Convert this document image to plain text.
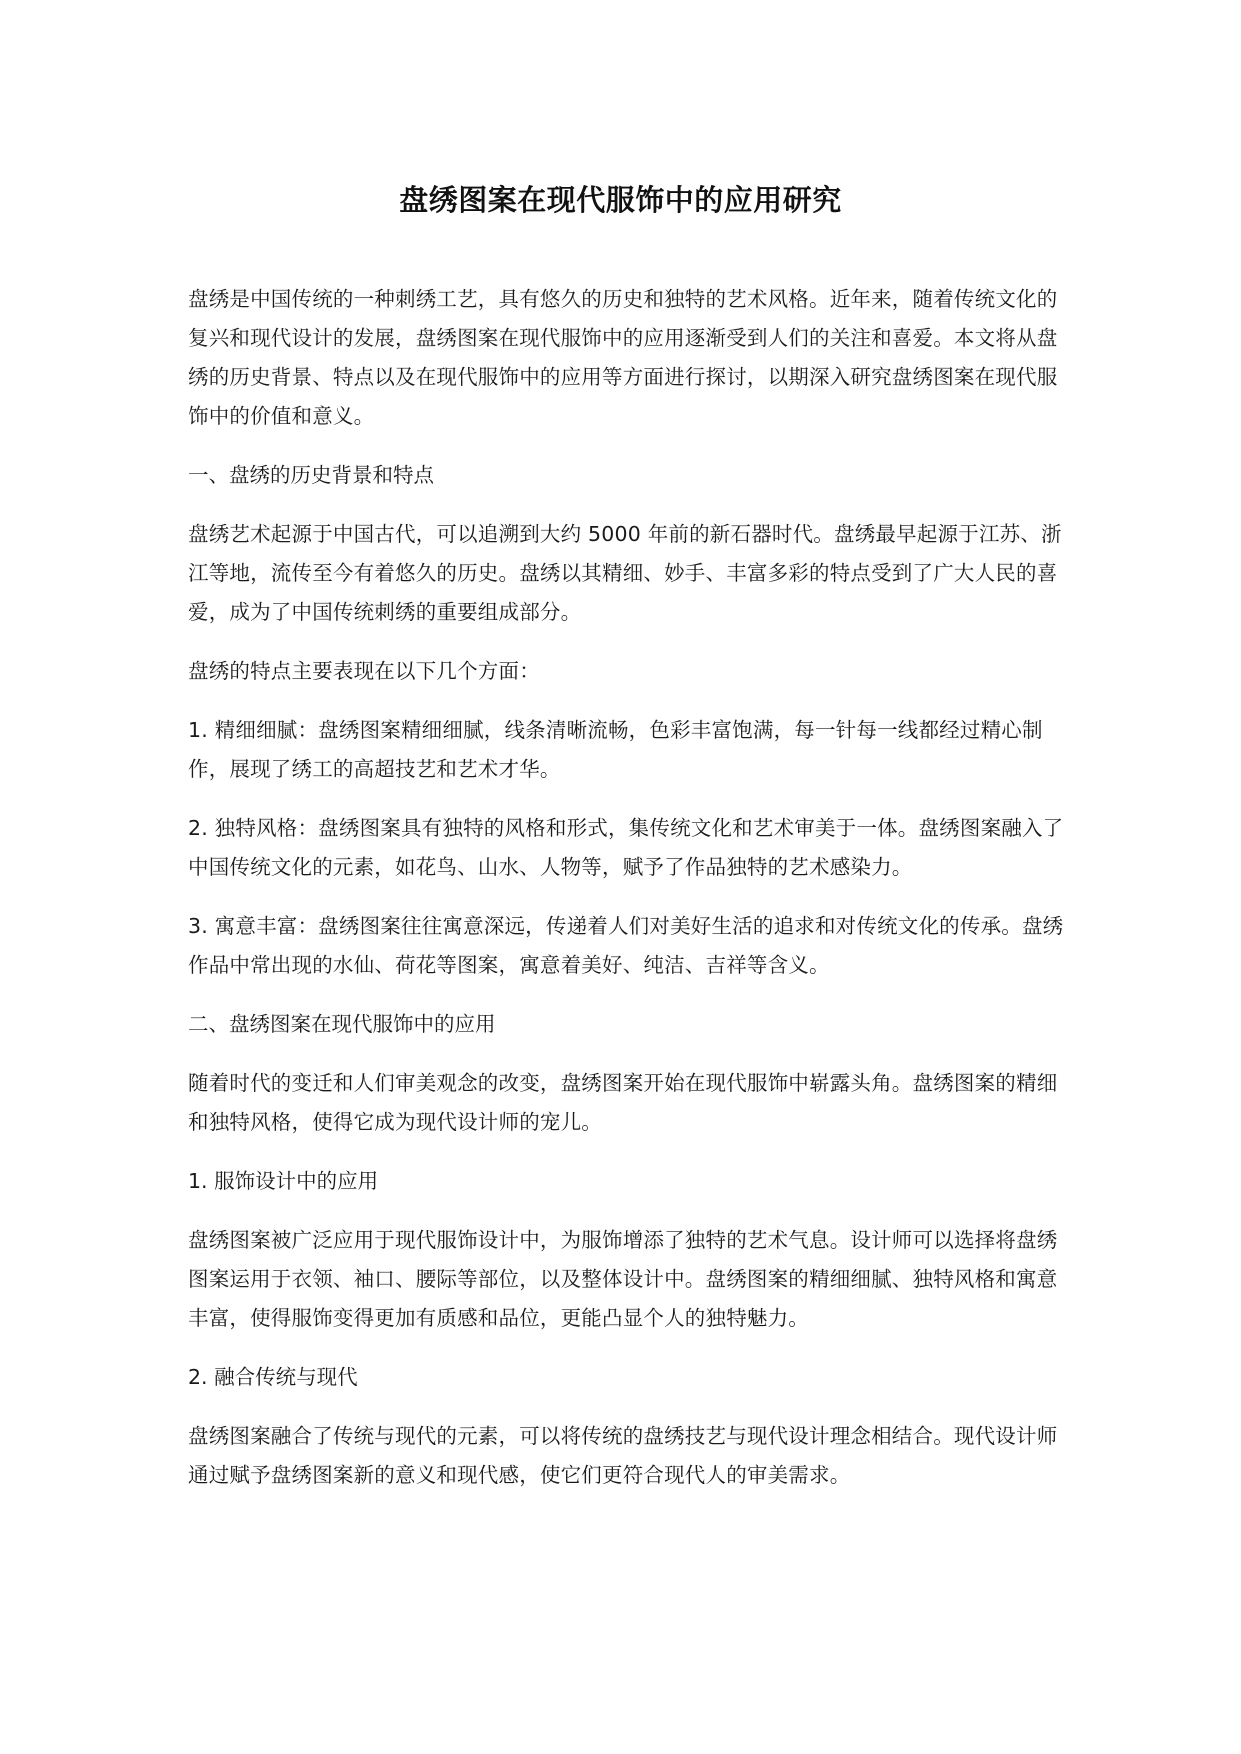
盘绣图案在现代服饰中的应用研究

盘绣是中国传统的一种刺绣工艺，具有悠久的历史和独特的艺术风格。近年来，随着传统文化的复兴和现代设计的发展，盘绣图案在现代服饰中的应用逐渐受到人们的关注和喜爱。本文将从盘绣的历史背景、特点以及在现代服饰中的应用等方面进行探讨，以期深入研究盘绣图案在现代服饰中的价值和意义。

一、盘绣的历史背景和特点

盘绣艺术起源于中国古代，可以追溯到大约 5000 年前的新石器时代。盘绣最早起源于江苏、浙江等地，流传至今有着悠久的历史。盘绣以其精细、妙手、丰富多彩的特点受到了广大人民的喜爱，成为了中国传统刺绣的重要组成部分。

盘绣的特点主要表现在以下几个方面：

1. 精细细腻：盘绣图案精细细腻，线条清晰流畅，色彩丰富饱满，每一针每一线都经过精心制作，展现了绣工的高超技艺和艺术才华。

2. 独特风格：盘绣图案具有独特的风格和形式，集传统文化和艺术审美于一体。盘绣图案融入了中国传统文化的元素，如花鸟、山水、人物等，赋予了作品独特的艺术感染力。

3. 寓意丰富：盘绣图案往往寓意深远，传递着人们对美好生活的追求和对传统文化的传承。盘绣作品中常出现的水仙、荷花等图案，寓意着美好、纯洁、吉祥等含义。

二、盘绣图案在现代服饰中的应用

随着时代的变迁和人们审美观念的改变，盘绣图案开始在现代服饰中崭露头角。盘绣图案的精细和独特风格，使得它成为现代设计师的宠儿。

1. 服饰设计中的应用

盘绣图案被广泛应用于现代服饰设计中，为服饰增添了独特的艺术气息。设计师可以选择将盘绣图案运用于衣领、袖口、腰际等部位，以及整体设计中。盘绣图案的精细细腻、独特风格和寓意丰富，使得服饰变得更加有质感和品位，更能凸显个人的独特魅力。

2. 融合传统与现代

盘绣图案融合了传统与现代的元素，可以将传统的盘绣技艺与现代设计理念相结合。现代设计师通过赋予盘绣图案新的意义和现代感，使它们更符合现代人的审美需求。
